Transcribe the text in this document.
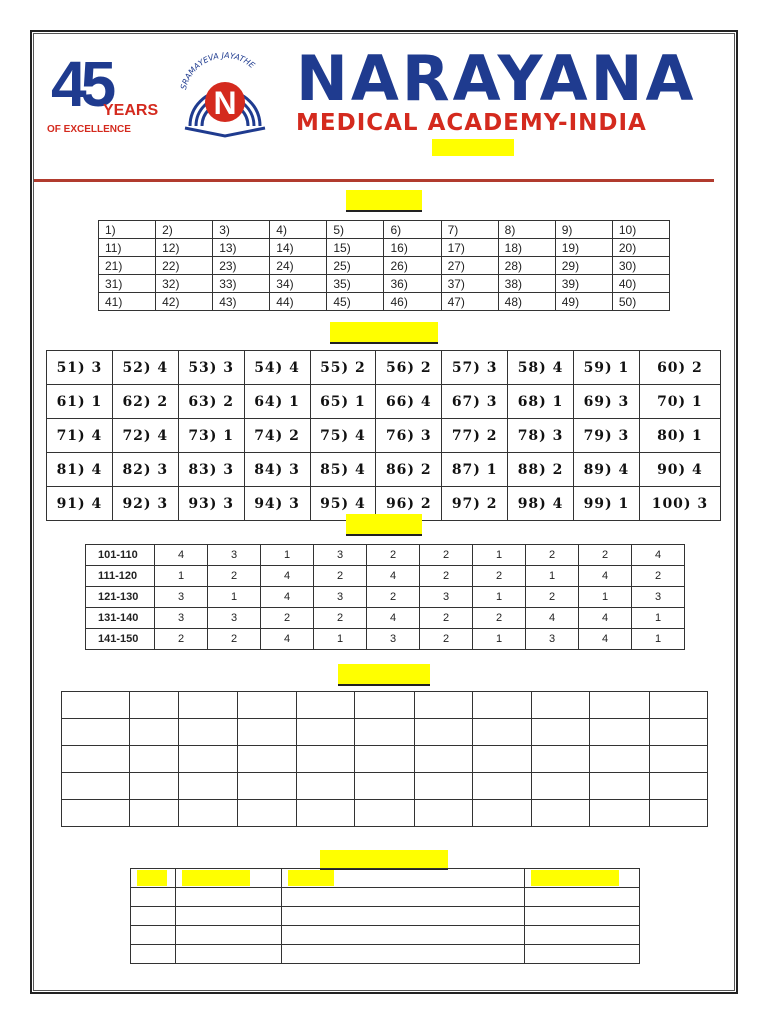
45
YEARS
OF EXCELLENCE
SRAMAYEVA JAYATHE
N NARAYANA
MEDICAL ACADEMY-INDIA
1)	2)	3)	4)	5)	6)	7)	8)	9)	10)
11)	12)	13)	14)	15)	16)	17)	18)	19)	20)
21)	22)	23)	24)	25)	26)	27)	28)	29)	30)
31)	32)	33)	34)	35)	36)	37)	38)	39)	40)
41)	42)	43)	44)	45)	46)	47)	48)	49)	50)
51) 3	52) 4	53) 3	54) 4	55) 2	56) 2	57) 3	58) 4	59) 1	60) 2
61) 1	62) 2	63) 2	64) 1	65) 1	66) 4	67) 3	68) 1	69) 3	70) 1
71) 4	72) 4	73) 1	74) 2	75) 4	76) 3	77) 2	78) 3	79) 3	80) 1
81) 4	82) 3	83) 3	84) 3	85) 4	86) 2	87) 1	88) 2	89) 4	90) 4
91) 4	92) 3	93) 3	94) 3	95) 4	96) 2	97) 2	98) 4	99) 1	100) 3
101-110	4	3	1	3	2	2	1	2	2	4
111-120	1	2	4	2	4	2	2	1	4	2
121-130	3	1	4	3	2	3	1	2	1	3
131-140	3	3	2	2	4	2	2	4	4	1
141-150	2	2	4	1	3	2	1	3	4	1
